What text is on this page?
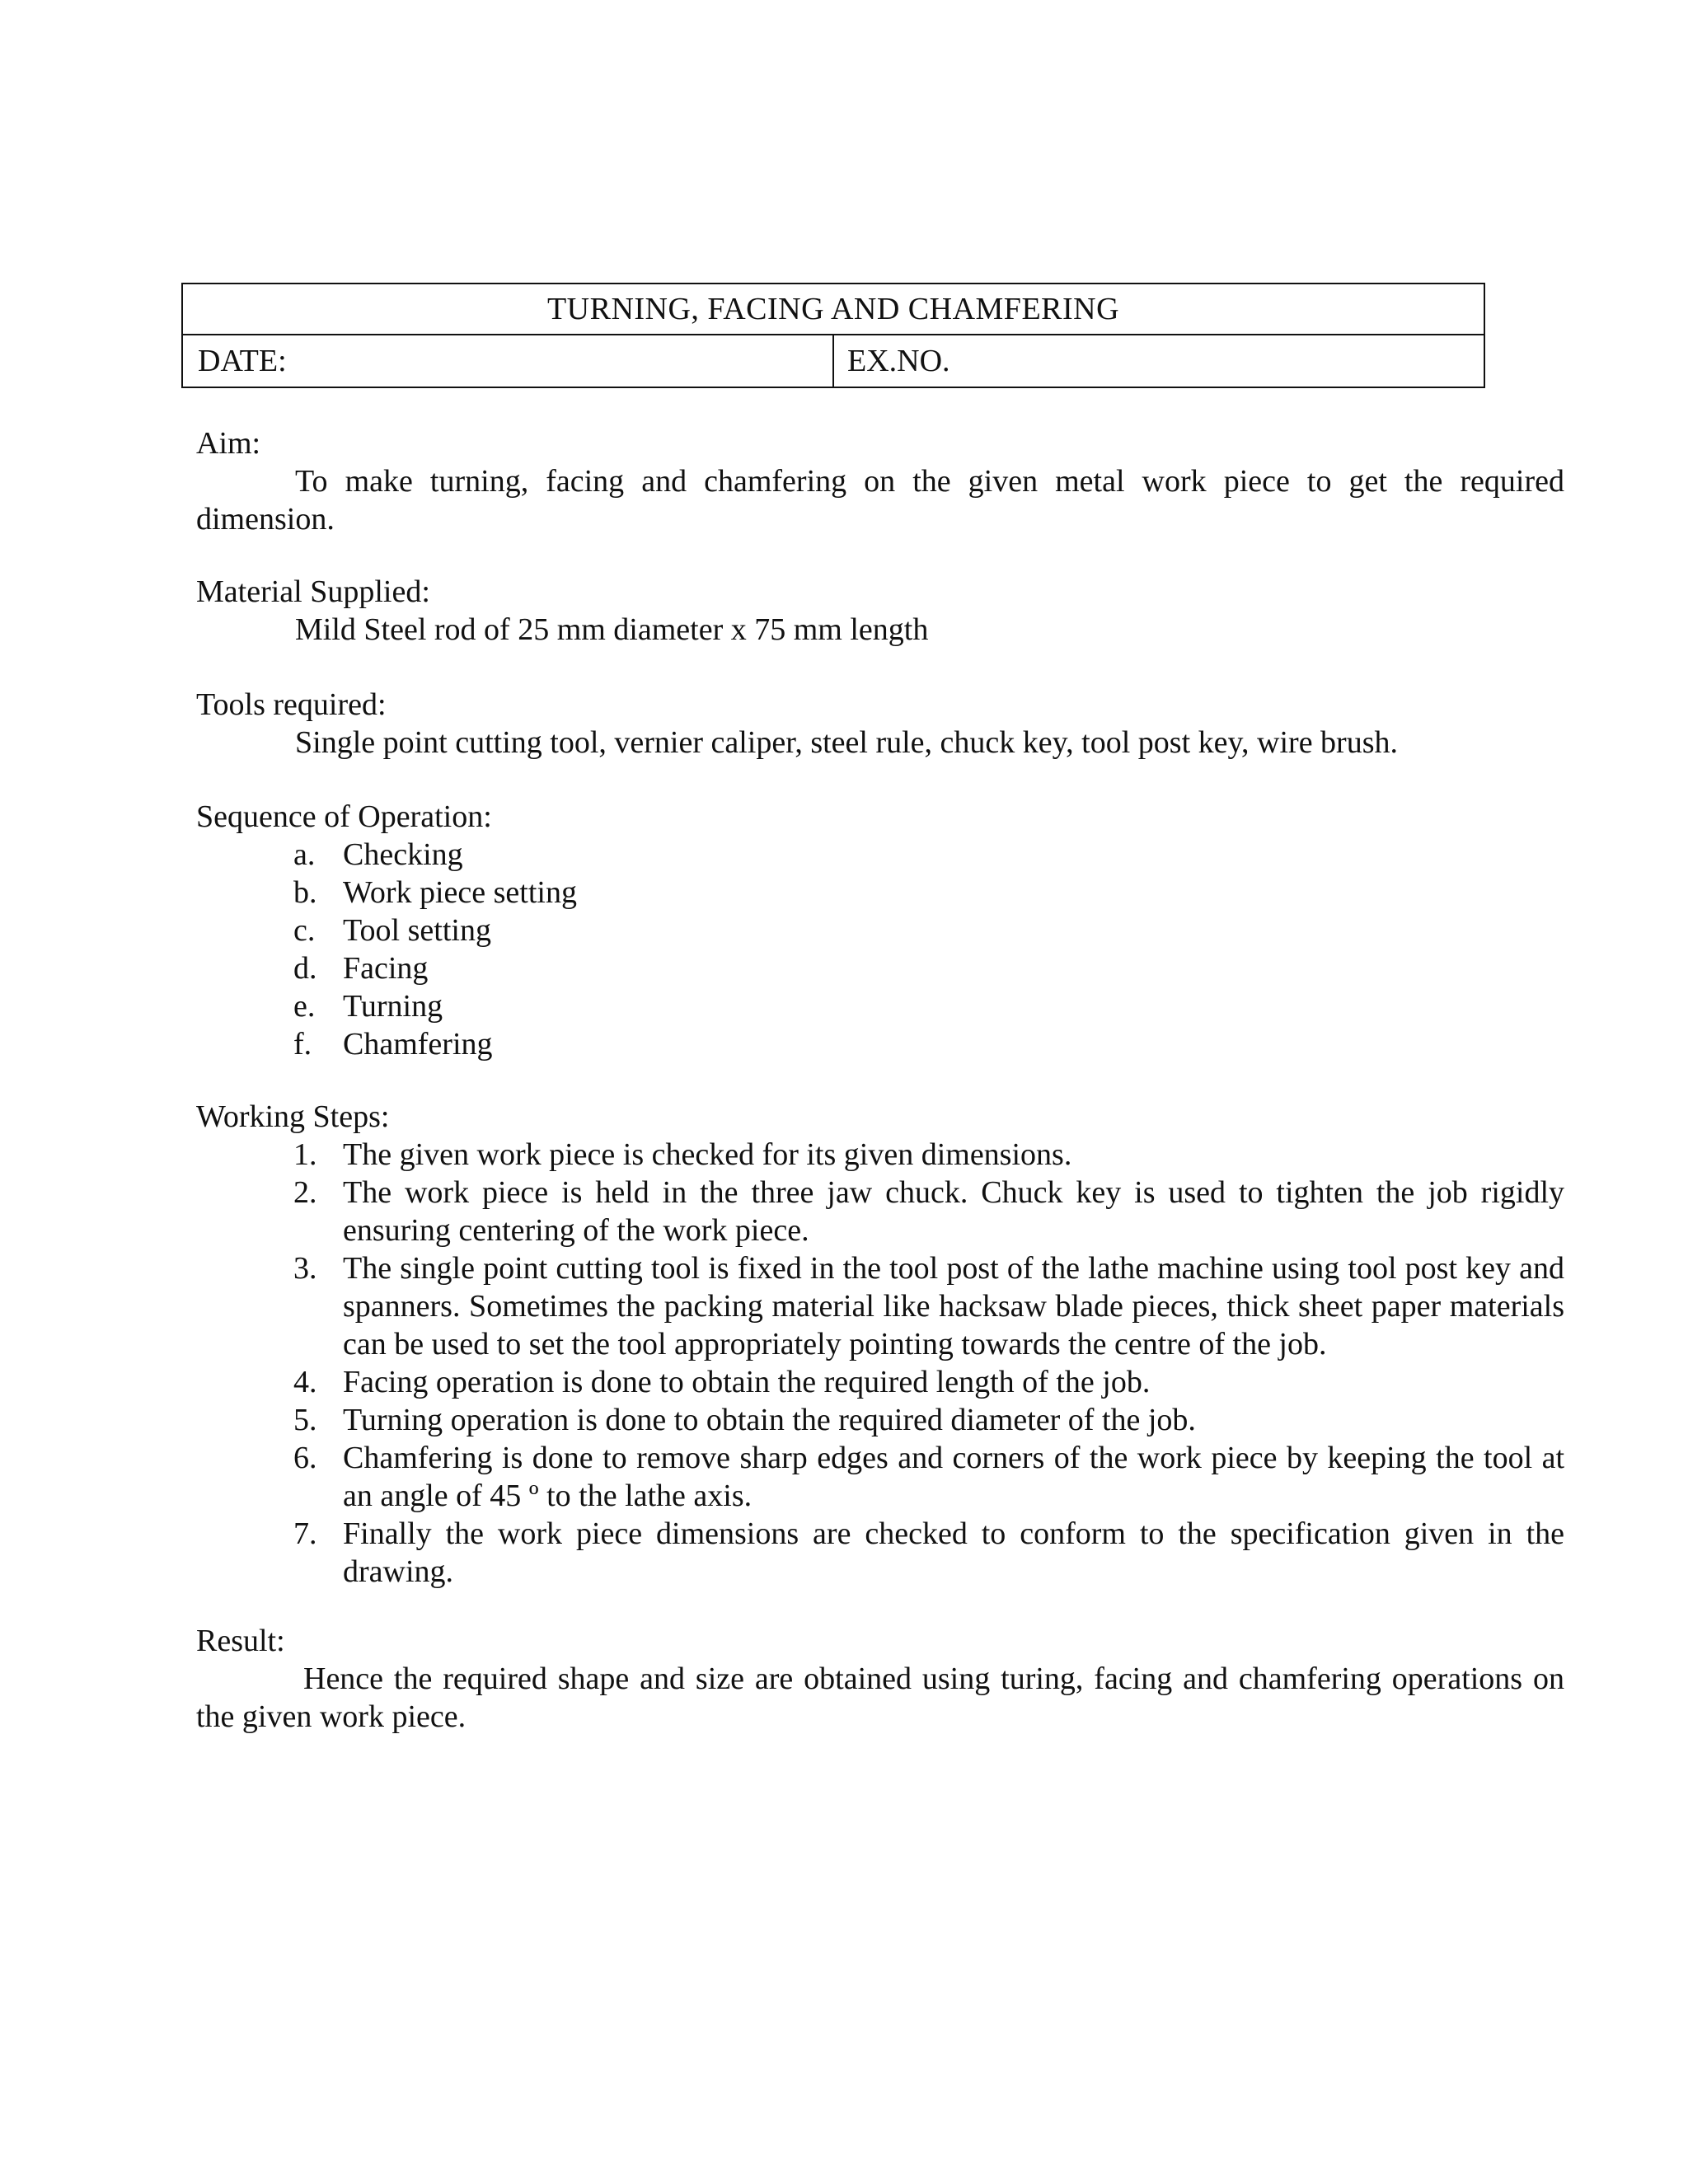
TURNING, FACING AND CHAMFERING
DATE:	EX.NO.
Aim:
To make turning, facing and chamfering on the given metal work piece to get the required dimension.
Material Supplied:
Mild Steel rod of 25 mm diameter x 75 mm length
Tools required:
Single point cutting tool, vernier caliper, steel rule, chuck key, tool post key, wire brush.
Sequence of Operation:
a. Checking
b. Work piece setting
c. Tool setting
d. Facing
e. Turning
f. Chamfering
Working Steps:
1. The given work piece is checked for its given dimensions.
2. The work piece is held in the three jaw chuck. Chuck key is used to tighten the job rigidly ensuring centering of the work piece.
3. The single point cutting tool is fixed in the tool post of the lathe machine using tool post key and spanners. Sometimes the packing material like hacksaw blade pieces, thick sheet paper materials can be used to set the tool appropriately pointing towards the centre of the job.
4. Facing operation is done to obtain the required length of the job.
5. Turning operation is done to obtain the required diameter of the job.
6. Chamfering is done to remove sharp edges and corners of the work piece by keeping the tool at an angle of 45 º to the lathe axis.
7. Finally the work piece dimensions are checked to conform to the specification given in the drawing.
Result:
Hence the required shape and size are obtained using turing, facing and chamfering operations on the given work piece.
